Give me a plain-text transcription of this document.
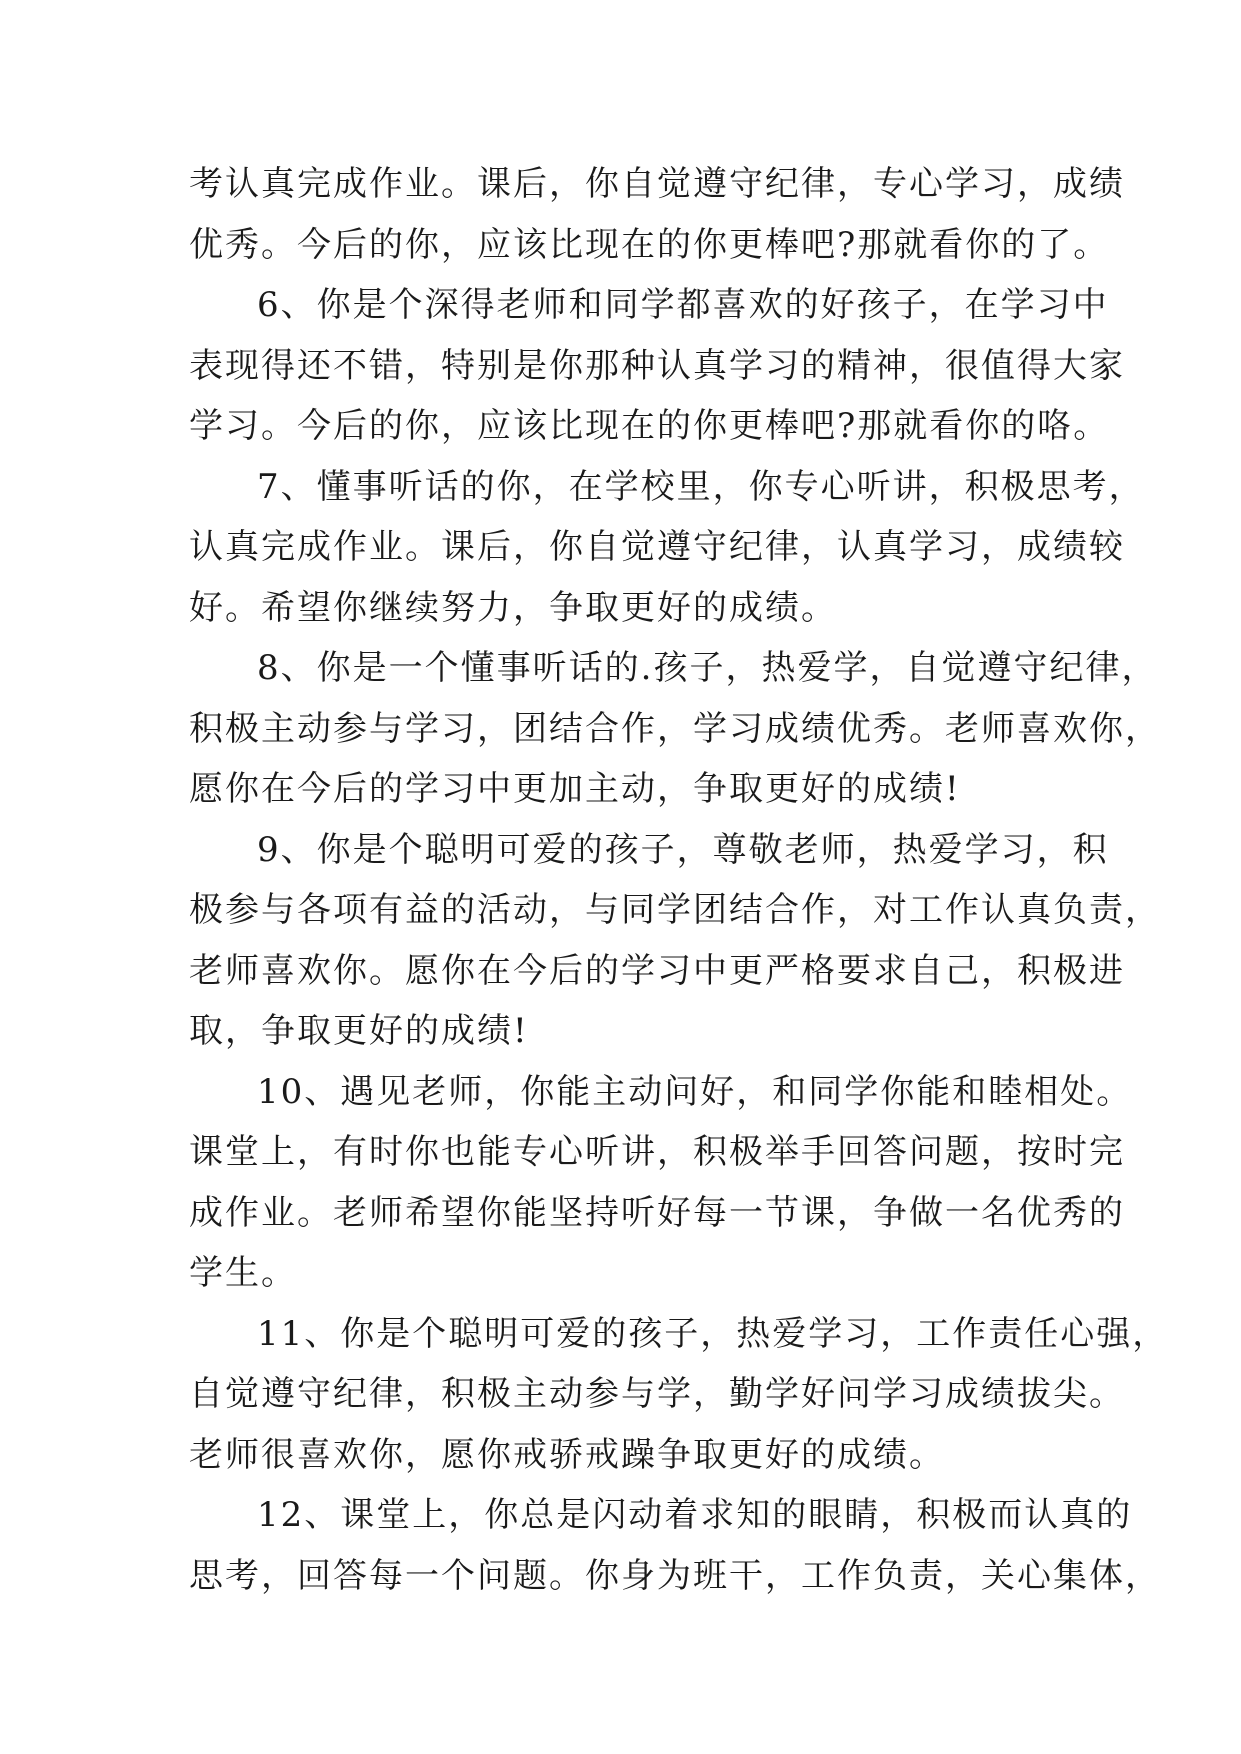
考认真完成作业。课后，你自觉遵守纪律，专心学习，成绩
优秀。今后的你，应该比现在的你更棒吧?那就看你的了。
6、你是个深得老师和同学都喜欢的好孩子，在学习中
表现得还不错，特别是你那种认真学习的精神，很值得大家
学习。今后的你，应该比现在的你更棒吧?那就看你的咯。
7、懂事听话的你，在学校里，你专心听讲，积极思考，
认真完成作业。课后，你自觉遵守纪律，认真学习，成绩较
好。希望你继续努力，争取更好的成绩。
8、你是一个懂事听话的.孩子，热爱学，自觉遵守纪律，
积极主动参与学习，团结合作，学习成绩优秀。老师喜欢你，
愿你在今后的学习中更加主动，争取更好的成绩!
9、你是个聪明可爱的孩子，尊敬老师，热爱学习，积
极参与各项有益的活动，与同学团结合作，对工作认真负责，
老师喜欢你。愿你在今后的学习中更严格要求自己，积极进
取，争取更好的成绩!
10、遇见老师，你能主动问好，和同学你能和睦相处。
课堂上，有时你也能专心听讲，积极举手回答问题，按时完
成作业。老师希望你能坚持听好每一节课，争做一名优秀的
学生。
11、你是个聪明可爱的孩子，热爱学习，工作责任心强，
自觉遵守纪律，积极主动参与学，勤学好问学习成绩拔尖。
老师很喜欢你，愿你戒骄戒躁争取更好的成绩。
12、课堂上，你总是闪动着求知的眼睛，积极而认真的
思考，回答每一个问题。你身为班干，工作负责，关心集体，
